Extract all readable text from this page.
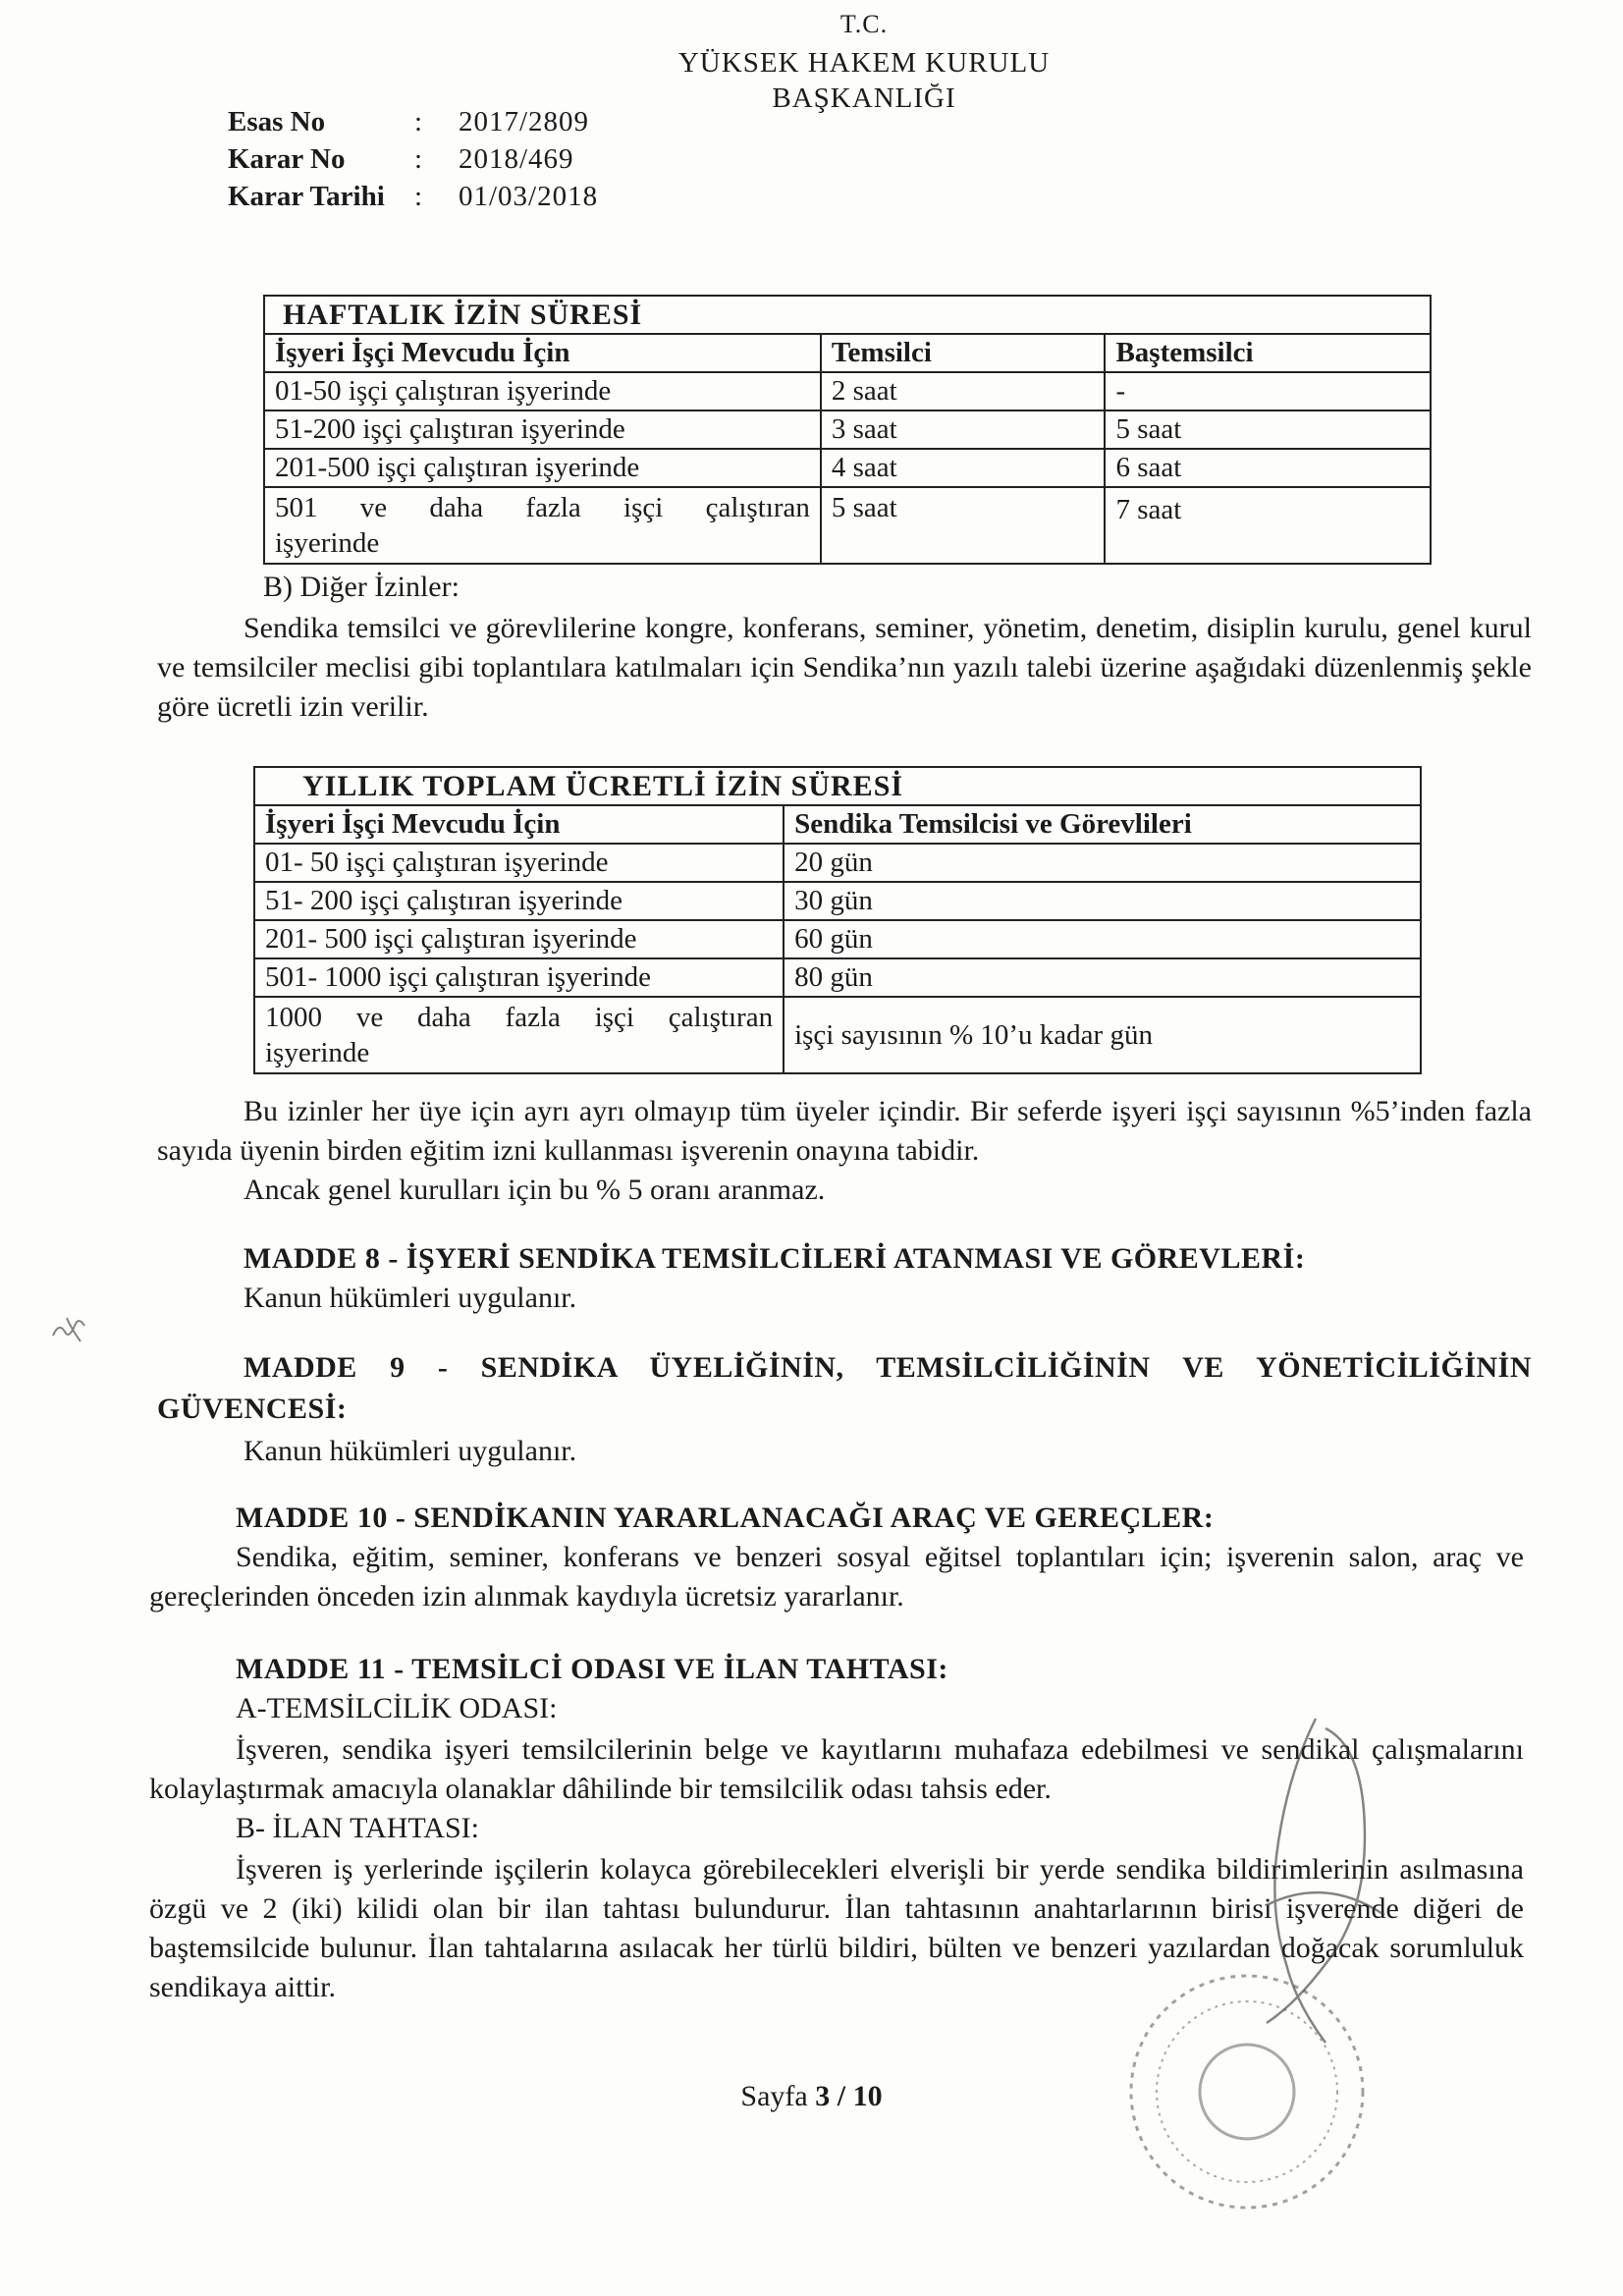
T.C.
YÜKSEK HAKEM KURULU
BAŞKANLIĞI
Esas No	:	2017/2809
Karar No	:	2018/469
Karar Tarihi	:	01/03/2018
HAFTALIK İZİN SÜRESİ		
İşyeri İşçi Mevcudu İçin	Temsilci	Baştemsilci
01-50 işçi çalıştıran işyerinde	2 saat	-
51-200 işçi çalıştıran işyerinde	3 saat	5 saat
201-500 işçi çalıştıran işyerinde	4 saat	6 saat

501 ve daha fazla işçi çalıştıran
işyerinde	5 saat	7 saat
B) Diğer İzinler:
Sendika temsilci ve görevlilerine kongre, konferans, seminer, yönetim, denetim, disiplin kurulu, genel kurul ve temsilciler meclisi gibi toplantılara katılmaları için Sendika’nın yazılı talebi üzerine aşağıdaki düzenlenmiş şekle göre ücretli izin verilir.
YILLIK TOPLAM ÜCRETLİ İZİN SÜRESİ	
İşyeri İşçi Mevcudu İçin	Sendika Temsilcisi ve Görevlileri
01- 50 işçi çalıştıran işyerinde	20 gün
51- 200 işçi çalıştıran işyerinde	30 gün
201- 500 işçi çalıştıran işyerinde	60 gün
501- 1000 işçi çalıştıran işyerinde	80 gün

1000 ve daha fazla işçi çalıştıran
işyerinde	işçi sayısının % 10’u kadar gün
Bu izinler her üye için ayrı ayrı olmayıp tüm üyeler içindir. Bir seferde işyeri işçi sayısının %5’inden fazla sayıda üyenin birden eğitim izni kullanması işverenin onayına tabidir.
Ancak genel kurulları için bu % 5 oranı aranmaz.
MADDE 8 - İŞYERİ SENDİKA TEMSİLCİLERİ ATANMASI VE GÖREVLERİ:
Kanun hükümleri uygulanır.
MADDE 9 - SENDİKA ÜYELİĞİNİN, TEMSİLCİLİĞİNİN VE YÖNETİCİLİĞİNİN GÜVENCESİ:
Kanun hükümleri uygulanır.
MADDE 10 - SENDİKANIN YARARLANACAĞI ARAÇ VE GEREÇLER:
Sendika, eğitim, seminer, konferans ve benzeri sosyal eğitsel toplantıları için; işverenin salon, araç ve gereçlerinden önceden izin alınmak kaydıyla ücretsiz yararlanır.
MADDE 11 - TEMSİLCİ ODASI VE İLAN TAHTASI:
A-TEMSİLCİLİK ODASI:
İşveren, sendika işyeri temsilcilerinin belge ve kayıtlarını muhafaza edebilmesi ve sendikal çalışmalarını kolaylaştırmak amacıyla olanaklar dâhilinde bir temsilcilik odası tahsis eder.
B- İLAN TAHTASI:
İşveren iş yerlerinde işçilerin kolayca görebilecekleri elverişli bir yerde sendika bildirimlerinin asılmasına özgü ve 2 (iki) kilidi olan bir ilan tahtası bulundurur. İlan tahtasının anahtarlarının birisi işverende diğeri de baştemsilcide bulunur. İlan tahtalarına asılacak her türlü bildiri, bülten ve benzeri yazılardan doğacak sorumluluk sendikaya aittir.
Sayfa 3 / 10
